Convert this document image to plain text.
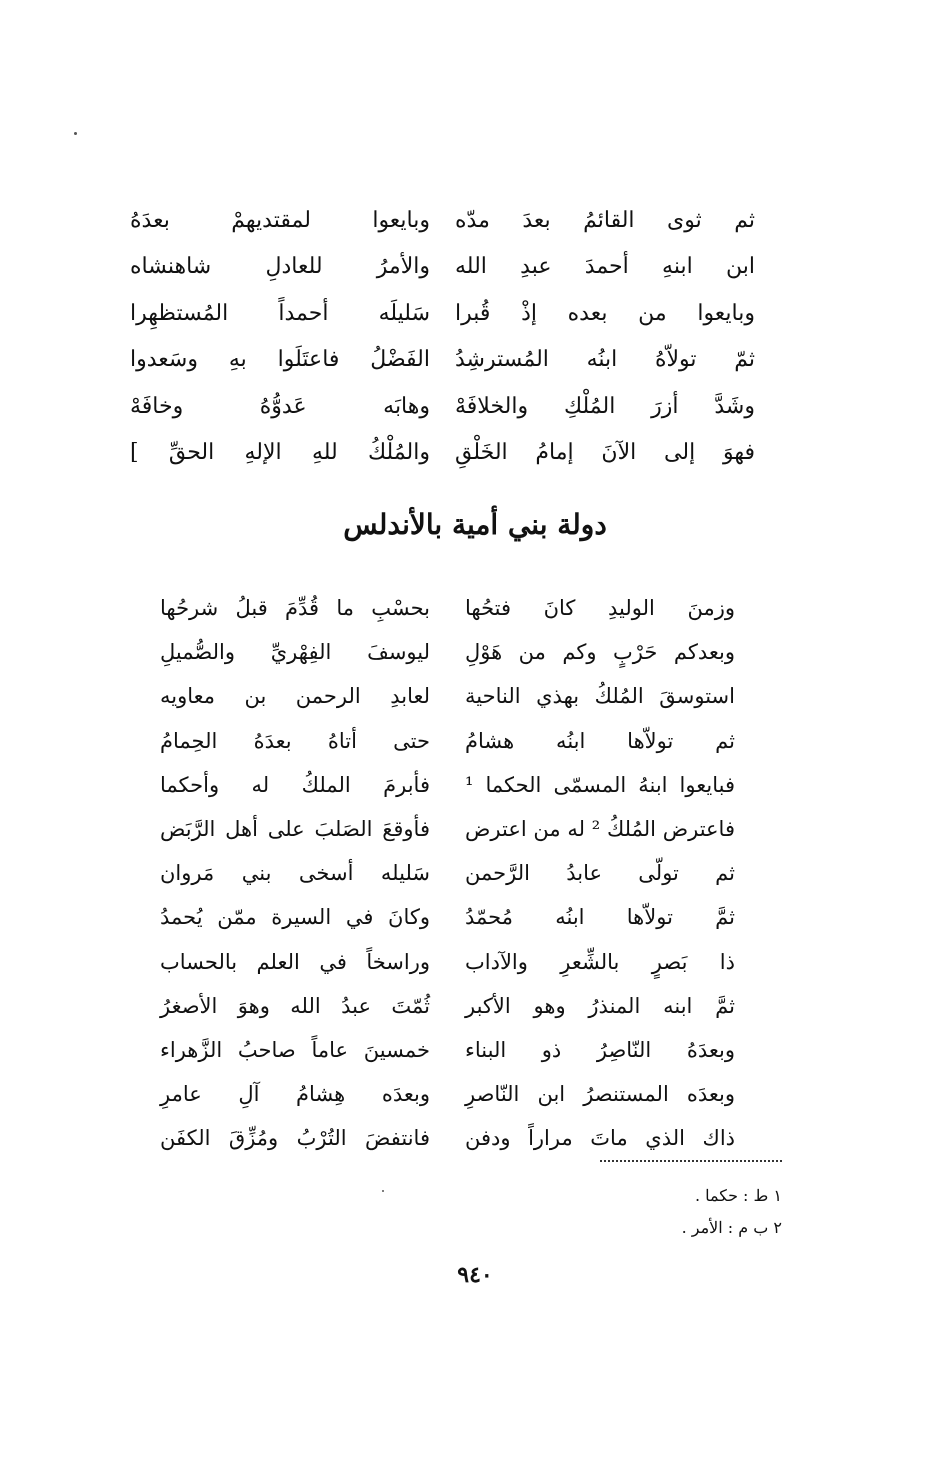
ثم ثوى القائمُ بعدَ مدّه
وبايعوا لمقتديهمْ بعدَهُ
ابن ابنهِ أحمدَ عبدِ الله
والأمرُ للعادلِ شاهنشاه
وبايعوا من بعده إذْ قُبرا
سَليلَه أحمداً المُستظهِرا
ثمّ تولاّهُ ابنُه المُسترشِدُ
الفَضْلُ فاعتَلَوا بهِ وسَعدوا
وشَدَّ أزرَ المُلْكِ والخلافَهْ
وهابَه عَدوُّهُ وخافَهْ
فهوَ إلى الآنَ إمامُ الخَلْقِ
والمُلْكُ للهِ الإلهِ الحقِّ ]
دولة بني أمية بالأندلس
وزمنَ الوليدِ كانَ فتحُها
بحسْبِ ما قُدِّمَ قبلُ شرحُها
وبعدكم حَرْبٍ وكم من هَوْلِ
ليوسفَ الفِهْريِّ والصُّميلِ
استوسقَ المُلكُ بهذي الناحية
لعابدِ الرحمن بن معاويه
ثم تولاّها ابنُه هشامُ
حتى أتاهُ بعدَهُ الحِمامُ
فبايعوا ابنهُ المسمّى الحكما ¹
فأبرمَ الملكُ له وأحكما
فاعترض المُلكُ ² له من اعترض
فأوقعَ الصَلبَ على أهل الرَّبَض
ثم تولّى عابدُ الرَّحمن
سَليله أسخى بني مَروان
ثمَّ تولاّها ابنُه مُحمّدُ
وكانَ في السيرة ممّن يُحمدُ
ذا بَصرٍ بالشِّعرِ والآداب
وراسخاً في العلم بالحساب
ثمَّ ابنه المنذرُ وهو الأكبر
ثُمّتَ عبدُ الله وهوَ الأصغرُ
وبعدَهُ النّاصِرُ ذو البناء
خمسينَ عاماً صاحبُ الزَّهراء
وبعدَه المستنصرُ ابن النّاصرِ
وبعدَه هِشامُ آلِ عامرِ
ذاك الذي ماتَ مراراً ودفن
فانتفضَ التُرْبُ ومُزِّقَ الكفَن
١ ط : حكما .
٢ ب م : الأمر .
٩٤٠
